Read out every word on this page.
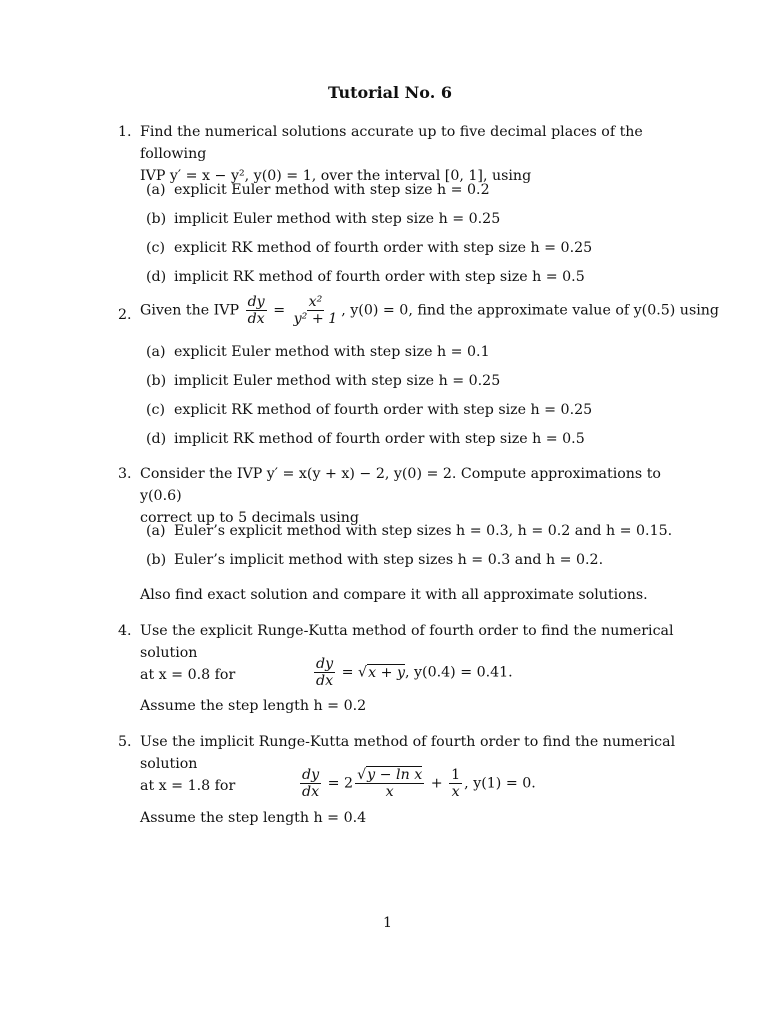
Tutorial No. 6
1. Find the numerical solutions accurate up to five decimal places of the following
IVP y′ = x − y², y(0) = 1, over the interval [0, 1], using
(a) explicit Euler method with step size h = 0.2
(b) implicit Euler method with step size h = 0.25
(c) explicit RK method of fourth order with step size h = 0.25
(d) implicit RK method of fourth order with step size h = 0.5
2. Given the IVP $\frac{dy}{dx} = \frac{\text{x²}}{\text{y² + 1}}$ , y(0) = 0, find the approximate value of y(0.5) using
(a) explicit Euler method with step size h = 0.1
(b) implicit Euler method with step size h = 0.25
(c) explicit RK method of fourth order with step size h = 0.25
(d) implicit RK method of fourth order with step size h = 0.5
3. Consider the IVP y′ = x(y + x) − 2, y(0) = 2. Compute approximations to y(0.6)
correct up to 5 decimals using
(a) Euler’s explicit method with step sizes h = 0.3, h = 0.2 and h = 0.15.
(b) Euler’s implicit method with step sizes h = 0.3 and h = 0.2.
Also find exact solution and compare it with all approximate solutions.
4. Use the explicit Runge-Kutta method of fourth order to find the numerical solution
at x = 0.8 for	$\frac{dy}{dx} = √x + y$, y(0.4) = 0.41.
Assume the step length h = 0.2
5. Use the implicit Runge-Kutta method of fourth order to find the numerical solution
at x = 1.8 for	$\frac{dy}{dx} = 2 \frac{\text{√y − ln x}}{x} + \frac{1}{x}$ , y(1) = 0.
Assume the step length h = 0.4
1
